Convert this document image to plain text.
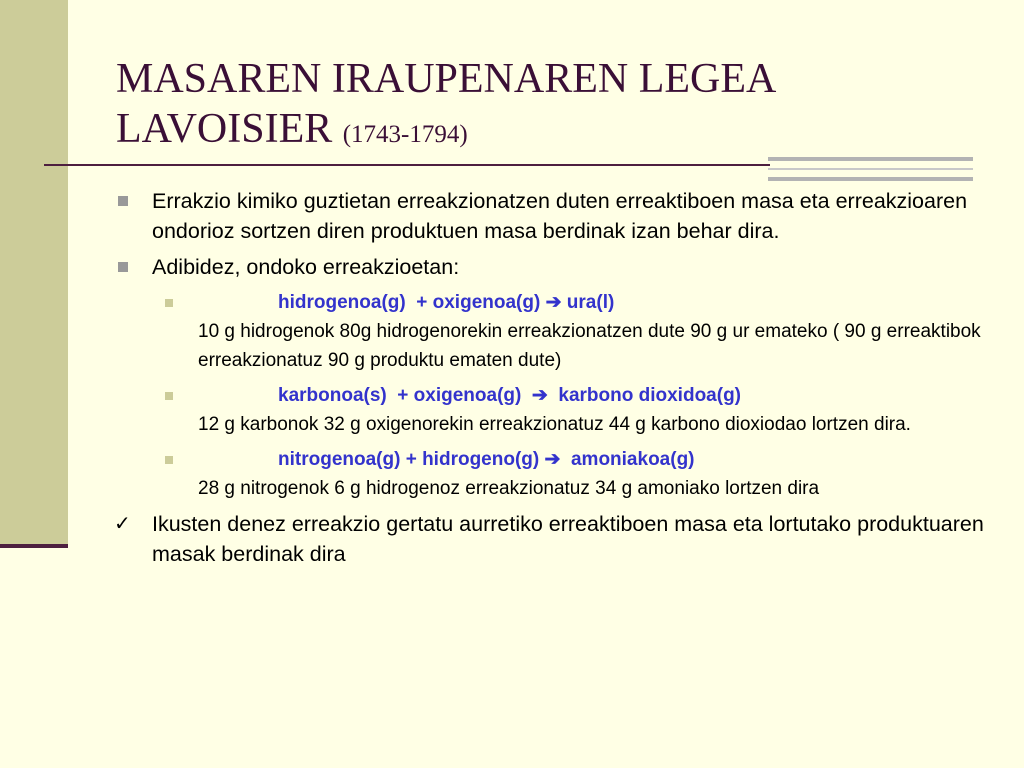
MASAREN IRAUPENAREN LEGEA
LAVOISIER (1743-1794)
Errakzio kimiko guztietan erreakzionatzen duten erreaktiboen masa eta erreakzioaren ondorioz sortzen diren produktuen masa berdinak izan behar dira.
Adibidez, ondoko erreakzioetan:
hidrogenoa(g)  + oxigenoa(g) ➔ ura(l)
10 g hidrogenok 80g hidrogenorekin erreakzionatzen dute 90 g ur emateko ( 90 g erreaktibok erreakzionatuz 90 g produktu ematen dute)
karbonoa(s)  + oxigenoa(g) ➔ karbono dioxidoa(g)
12 g karbonok 32 g oxigenorekin erreakzionatuz 44 g karbono dioxiodao lortzen dira.
nitrogenoa(g) + hidrogeno(g) ➔ amoniakoa(g)
28 g nitrogenok 6 g hidrogenoz erreakzionatuz 34 g amoniako lortzen dira
✓ Ikusten denez erreakzio gertatu aurretiko erreaktiboen masa eta lortutako produktuaren masak berdinak dira
